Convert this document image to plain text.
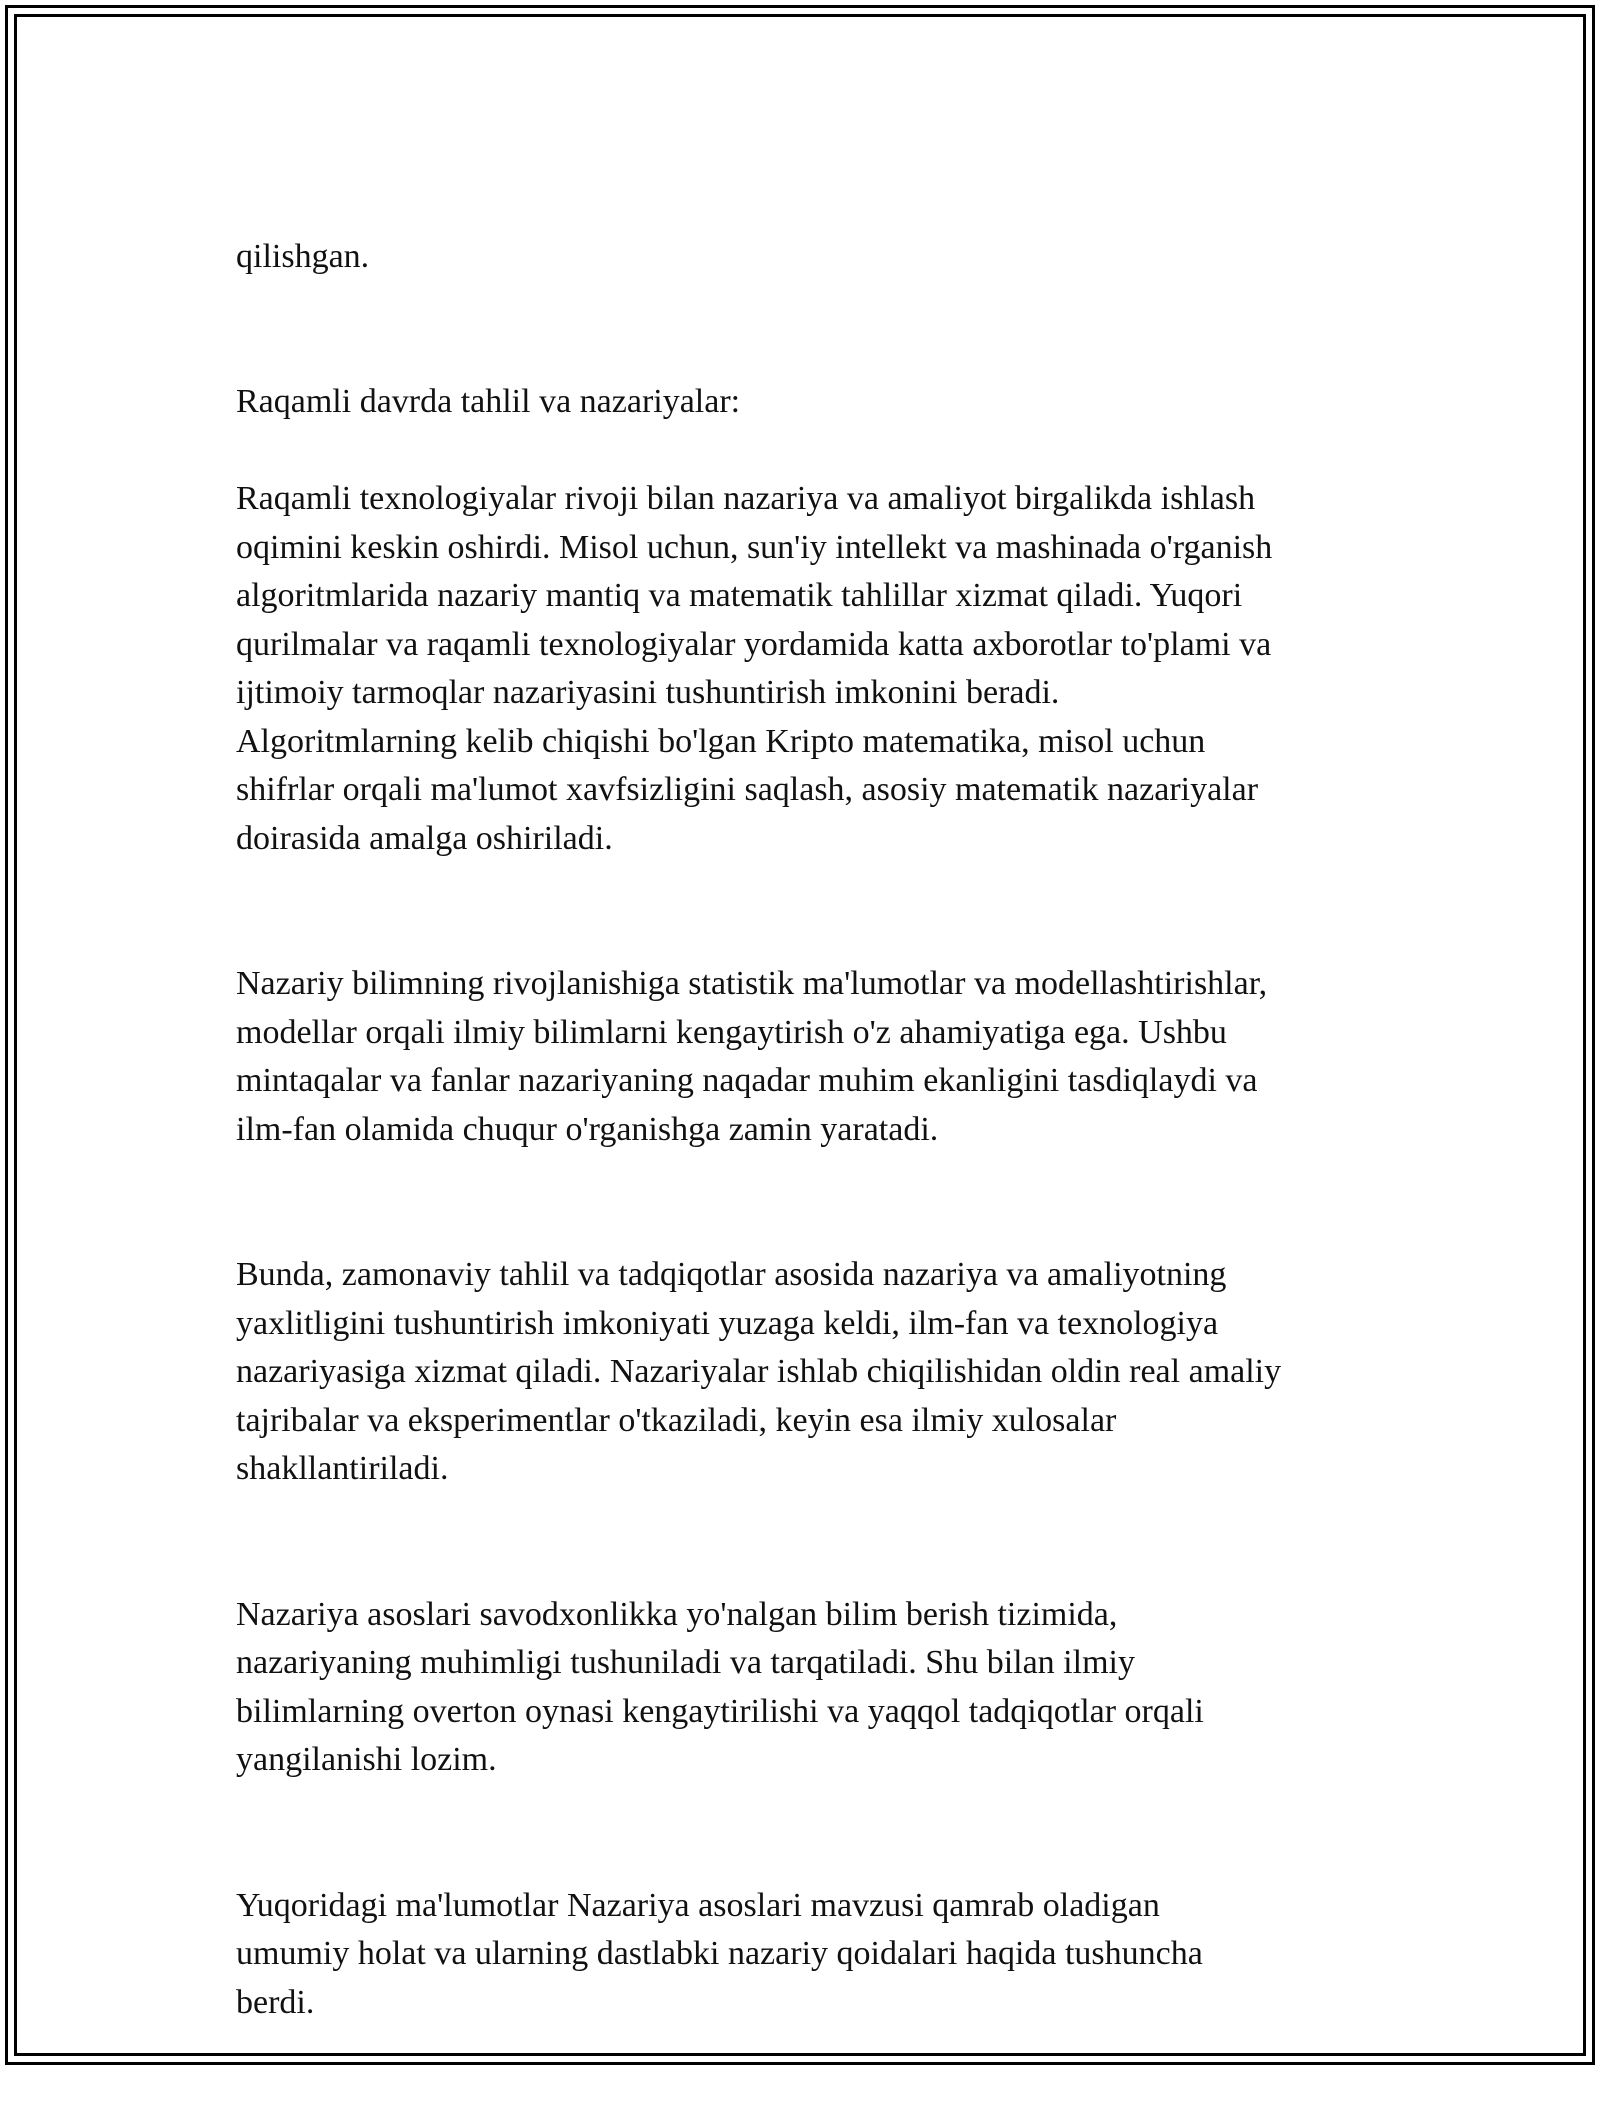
qilishgan.

Raqamli davrda tahlil va nazariyalar:

Raqamli texnologiyalar rivoji bilan nazariya va amaliyot birgalikda ishlash
oqimini keskin oshirdi. Misol uchun, sun'iy intellekt va mashinada o'rganish
algoritmlarida nazariy mantiq va matematik tahlillar xizmat qiladi. Yuqori
qurilmalar va raqamli texnologiyalar yordamida katta axborotlar to'plami va
ijtimoiy tarmoqlar nazariyasini tushuntirish imkonini beradi.
Algoritmlarning kelib chiqishi bo'lgan Kripto matematika, misol uchun
shifrlar orqali ma'lumot xavfsizligini saqlash, asosiy matematik nazariyalar
doirasida amalga oshiriladi.

Nazariy bilimning rivojlanishiga statistik ma'lumotlar va modellashtirishlar,
modellar orqali ilmiy bilimlarni kengaytirish o'z ahamiyatiga ega. Ushbu
mintaqalar va fanlar nazariyaning naqadar muhim ekanligini tasdiqlaydi va
ilm-fan olamida chuqur o'rganishga zamin yaratadi.

Bunda, zamonaviy tahlil va tadqiqotlar asosida nazariya va amaliyotning
yaxlitligini tushuntirish imkoniyati yuzaga keldi, ilm-fan va texnologiya
nazariyasiga xizmat qiladi. Nazariyalar ishlab chiqilishidan oldin real amaliy
tajribalar va eksperimentlar o'tkaziladi, keyin esa ilmiy xulosalar
shakllantiriladi.

Nazariya asoslari savodxonlikka yo'nalgan bilim berish tizimida,
nazariyaning muhimligi tushuniladi va tarqatiladi. Shu bilan ilmiy
bilimlarning overton oynasi kengaytirilishi va yaqqol tadqiqotlar orqali
yangilanishi lozim.

Yuqoridagi ma'lumotlar Nazariya asoslari mavzusi qamrab oladigan
umumiy holat va ularning dastlabki nazariy qoidalari haqida tushuncha
berdi.
